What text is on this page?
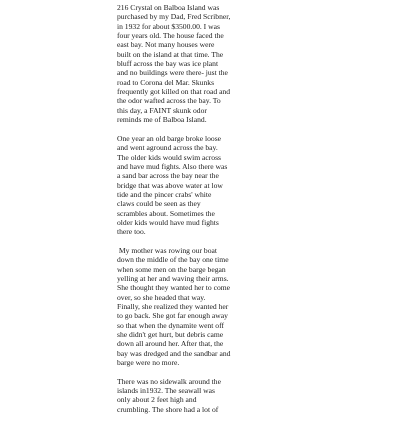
216 Crystal on Balboa Island was
purchased by my Dad, Fred Scribner,
in 1932 for about $3500.00. I was
four years old. The house faced the
east bay. Not many houses were
built on the island at that time. The
bluff across the bay was ice plant
and no buildings were there- just the
road to Corona del Mar. Skunks
frequently got killed on that road and
the odor wafted across the bay. To
this day, a FAINT skunk odor
reminds me of Balboa Island.
One year an old barge broke loose
and went aground across the bay.
The older kids would swim across
and have mud fights. Also there was
a sand bar across the bay near the
bridge that was above water at low
tide and the pincer crabs' white
claws could be seen as they
scrambles about. Sometimes the
older kids would have mud fights
there too.
My mother was rowing our boat
down the middle of the bay one time
when some men on the barge began
yelling at her and waving their arms.
She thought they wanted her to come
over, so she headed that way.
Finally, she realized they wanted her
to go back. She got far enough away
so that when the dynamite went off
she didn't get hurt, but debris came
down all around her. After that, the
bay was dredged and the sandbar and
barge were no more.
There was no sidewalk around the
islands in1932. The seawall was
only about 2 feet high and
crumbling. The shore had a lot of
